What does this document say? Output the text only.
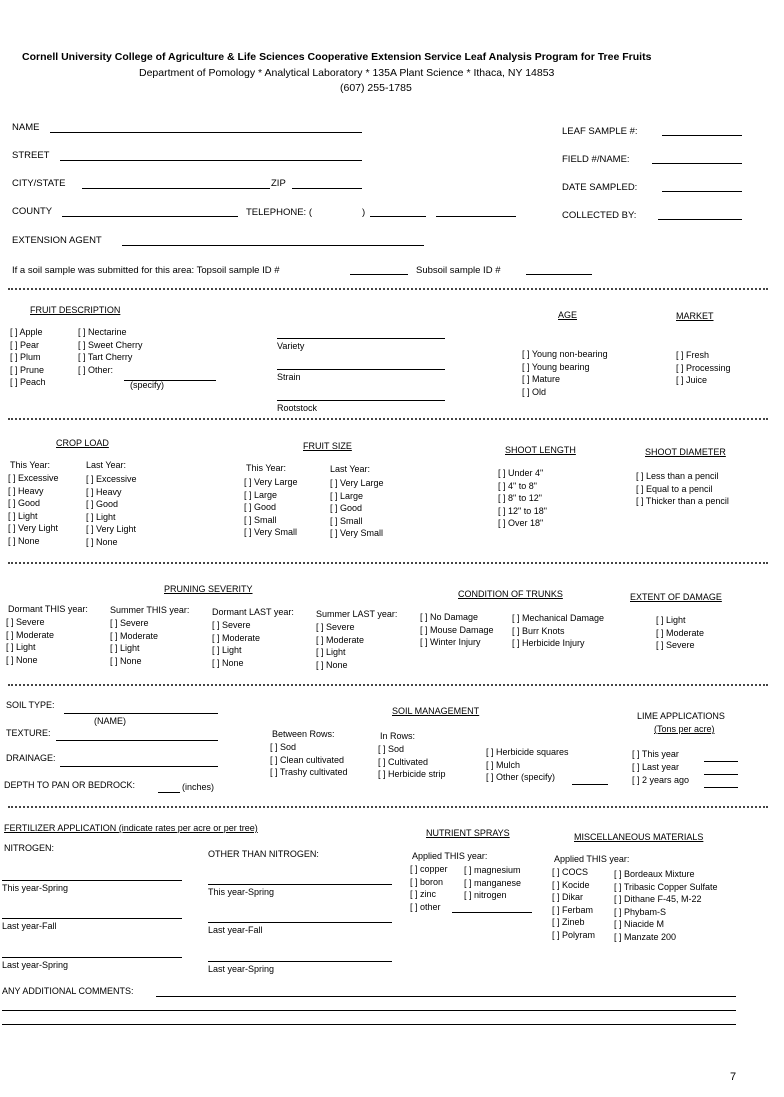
Cornell University College of Agriculture & Life Sciences Cooperative Extension Service Leaf Analysis Program for Tree Fruits
Department of Pomology * Analytical Laboratory * 135A Plant Science * Ithaca, NY 14853
(607) 255-1785
NAME
STREET
CITY/STATE	ZIP
COUNTY	TELEPHONE: (	)
EXTENSION AGENT
LEAF SAMPLE #:
FIELD #/NAME:
DATE SAMPLED:
COLLECTED BY:
If a soil sample was submitted for this area: Topsoil sample ID #	Subsoil sample ID #
FRUIT DESCRIPTION
[ ] Apple
[ ] Pear
[ ] Plum
[ ] Prune
[ ] Peach
[ ] Nectarine
[ ] Sweet Cherry
[ ] Tart Cherry
[ ] Other:
(specify)
Variety
Strain
Rootstock
AGE
[ ] Young non-bearing
[ ] Young bearing
[ ] Mature
[ ] Old
MARKET
[ ] Fresh
[ ] Processing
[ ] Juice
CROP LOAD
This Year:	Last Year:
[ ] Excessive
[ ] Heavy
[ ] Good
[ ] Light
[ ] Very Light
[ ] None
[ ] Excessive
[ ] Heavy
[ ] Good
[ ] Light
[ ] Very Light
[ ] None
FRUIT SIZE
This Year:	Last Year:
[ ] Very Large
[ ] Large
[ ] Good
[ ] Small
[ ] Very Small
[ ] Very Large
[ ] Large
[ ] Good
[ ] Small
[ ] Very Small
SHOOT LENGTH
[ ] Under 4"
[ ] 4" to 8"
[ ] 8" to 12"
[ ] 12" to 18"
[ ] Over 18"
SHOOT DIAMETER
[ ] Less than a pencil
[ ] Equal to a pencil
[ ] Thicker than a pencil
PRUNING SEVERITY
Dormant THIS year: Summer THIS year:	Dormant LAST year: Summer LAST year:
[ ] Severe
[ ] Moderate
[ ] Light
[ ] None
[ ] Severe
[ ] Moderate
[ ] Light
[ ] None
[ ] Severe
[ ] Moderate
[ ] Light
[ ] None
[ ] Severe
[ ] Moderate
[ ] Light
[ ] None
CONDITION OF TRUNKS
[ ] No Damage
[ ] Mouse Damage
[ ] Winter Injury
[ ] Mechanical Damage
[ ] Burr Knots
[ ] Herbicide Injury
EXTENT OF DAMAGE
[ ] Light
[ ] Moderate
[ ] Severe
SOIL TYPE:
(NAME)
TEXTURE:
DRAINAGE:
DEPTH TO PAN OR BEDROCK:	(inches)
SOIL MANAGEMENT
Between Rows:
[ ] Sod
[ ] Clean cultivated
[ ] Trashy cultivated
In Rows:
[ ] Sod
[ ] Cultivated
[ ] Herbicide strip
[ ] Herbicide squares
[ ] Mulch
[ ] Other (specify)
LIME APPLICATIONS
(Tons per acre)
[ ] This year
[ ] Last year
[ ] 2 years ago
FERTILIZER APPLICATION (indicate rates per acre or per tree)
NITROGEN:
OTHER THAN NITROGEN:
This year-Spring
Last year-Fall
Last year-Spring
This year-Spring
Last year-Fall
Last year-Spring
NUTRIENT SPRAYS
Applied THIS year:
[ ] copper
[ ] boron
[ ] zinc
[ ] other
[ ] magnesium
[ ] manganese
[ ] nitrogen
MISCELLANEOUS MATERIALS
Applied THIS year:
[ ] COCS
[ ] Kocide
[ ] Dikar
[ ] Ferbam
[ ] Zineb
[ ] Polyram
[ ] Bordeaux Mixture
[ ] Tribasic Copper Sulfate
[ ] Dithane F-45, M-22
[ ] Phybam-S
[ ] Niacide M
[ ] Manzate 200
ANY ADDITIONAL COMMENTS:
7
